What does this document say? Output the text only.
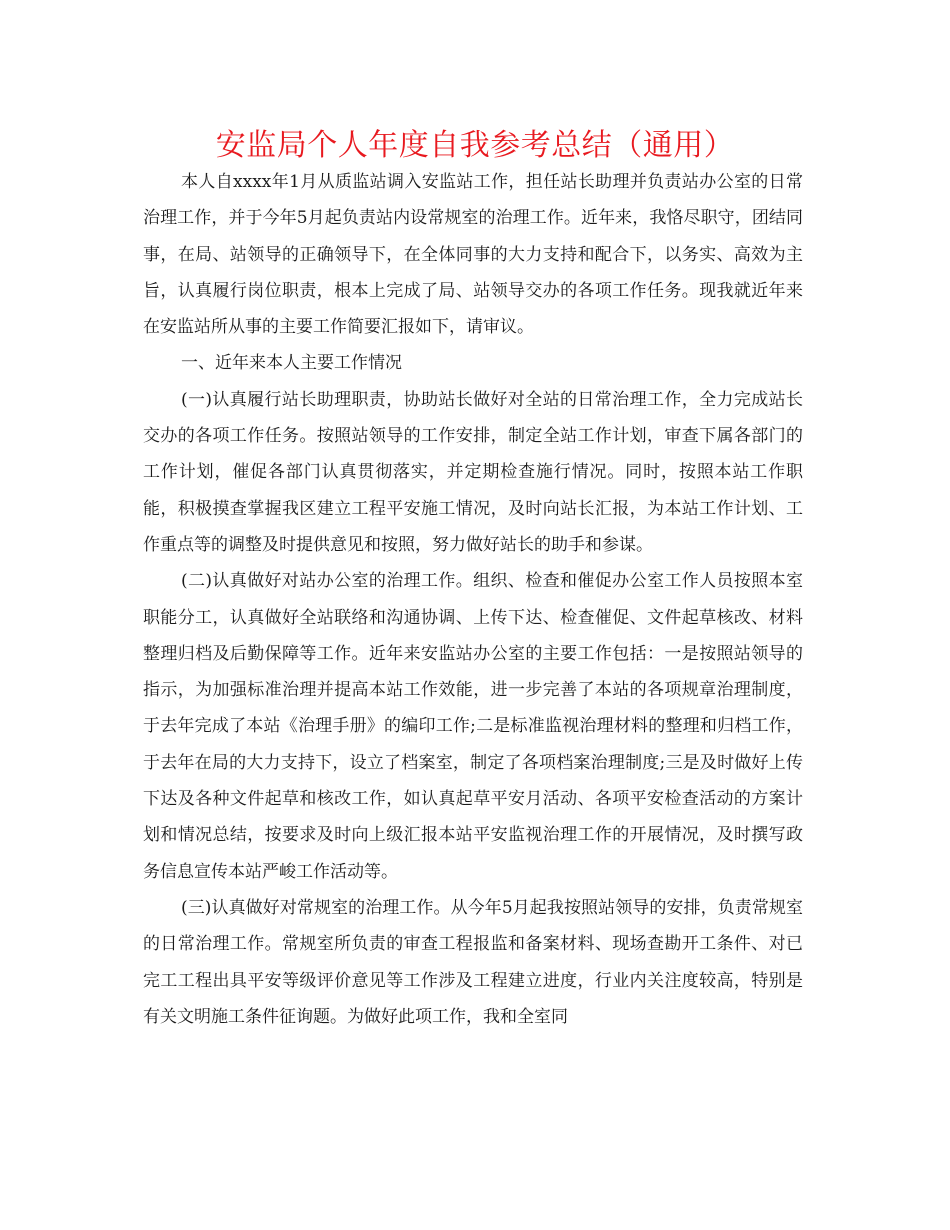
安监局个人年度自我参考总结（通用）

本人自xxxx年1月从质监站调入安监站工作，担任站长助理并负责站办公室的日常治理工作，并于今年5月起负责站内设常规室的治理工作。近年来，我恪尽职守，团结同事，在局、站领导的正确领导下，在全体同事的大力支持和配合下，以务实、高效为主旨，认真履行岗位职责，根本上完成了局、站领导交办的各项工作任务。现我就近年来在安监站所从事的主要工作简要汇报如下，请审议。

一、近年来本人主要工作情况

(一)认真履行站长助理职责，协助站长做好对全站的日常治理工作，全力完成站长交办的各项工作任务。按照站领导的工作安排，制定全站工作计划，审查下属各部门的工作计划，催促各部门认真贯彻落实，并定期检查施行情况。同时，按照本站工作职能，积极摸查掌握我区建立工程平安施工情况，及时向站长汇报，为本站工作计划、工作重点等的调整及时提供意见和按照，努力做好站长的助手和参谋。

(二)认真做好对站办公室的治理工作。组织、检查和催促办公室工作人员按照本室职能分工，认真做好全站联络和沟通协调、上传下达、检查催促、文件起草核改、材料整理归档及后勤保障等工作。近年来安监站办公室的主要工作包括：一是按照站领导的指示，为加强标准治理并提高本站工作效能，进一步完善了本站的各项规章治理制度，于去年完成了本站《治理手册》的编印工作;二是标准监视治理材料的整理和归档工作，于去年在局的大力支持下，设立了档案室，制定了各项档案治理制度;三是及时做好上传下达及各种文件起草和核改工作，如认真起草平安月活动、各项平安检查活动的方案计划和情况总结，按要求及时向上级汇报本站平安监视治理工作的开展情况，及时撰写政务信息宣传本站严峻工作活动等。

(三)认真做好对常规室的治理工作。从今年5月起我按照站领导的安排，负责常规室的日常治理工作。常规室所负责的审查工程报监和备案材料、现场查勘开工条件、对已完工工程出具平安等级评价意见等工作涉及工程建立进度，行业内关注度较高，特别是有关文明施工条件征询题。为做好此项工作，我和全室同
